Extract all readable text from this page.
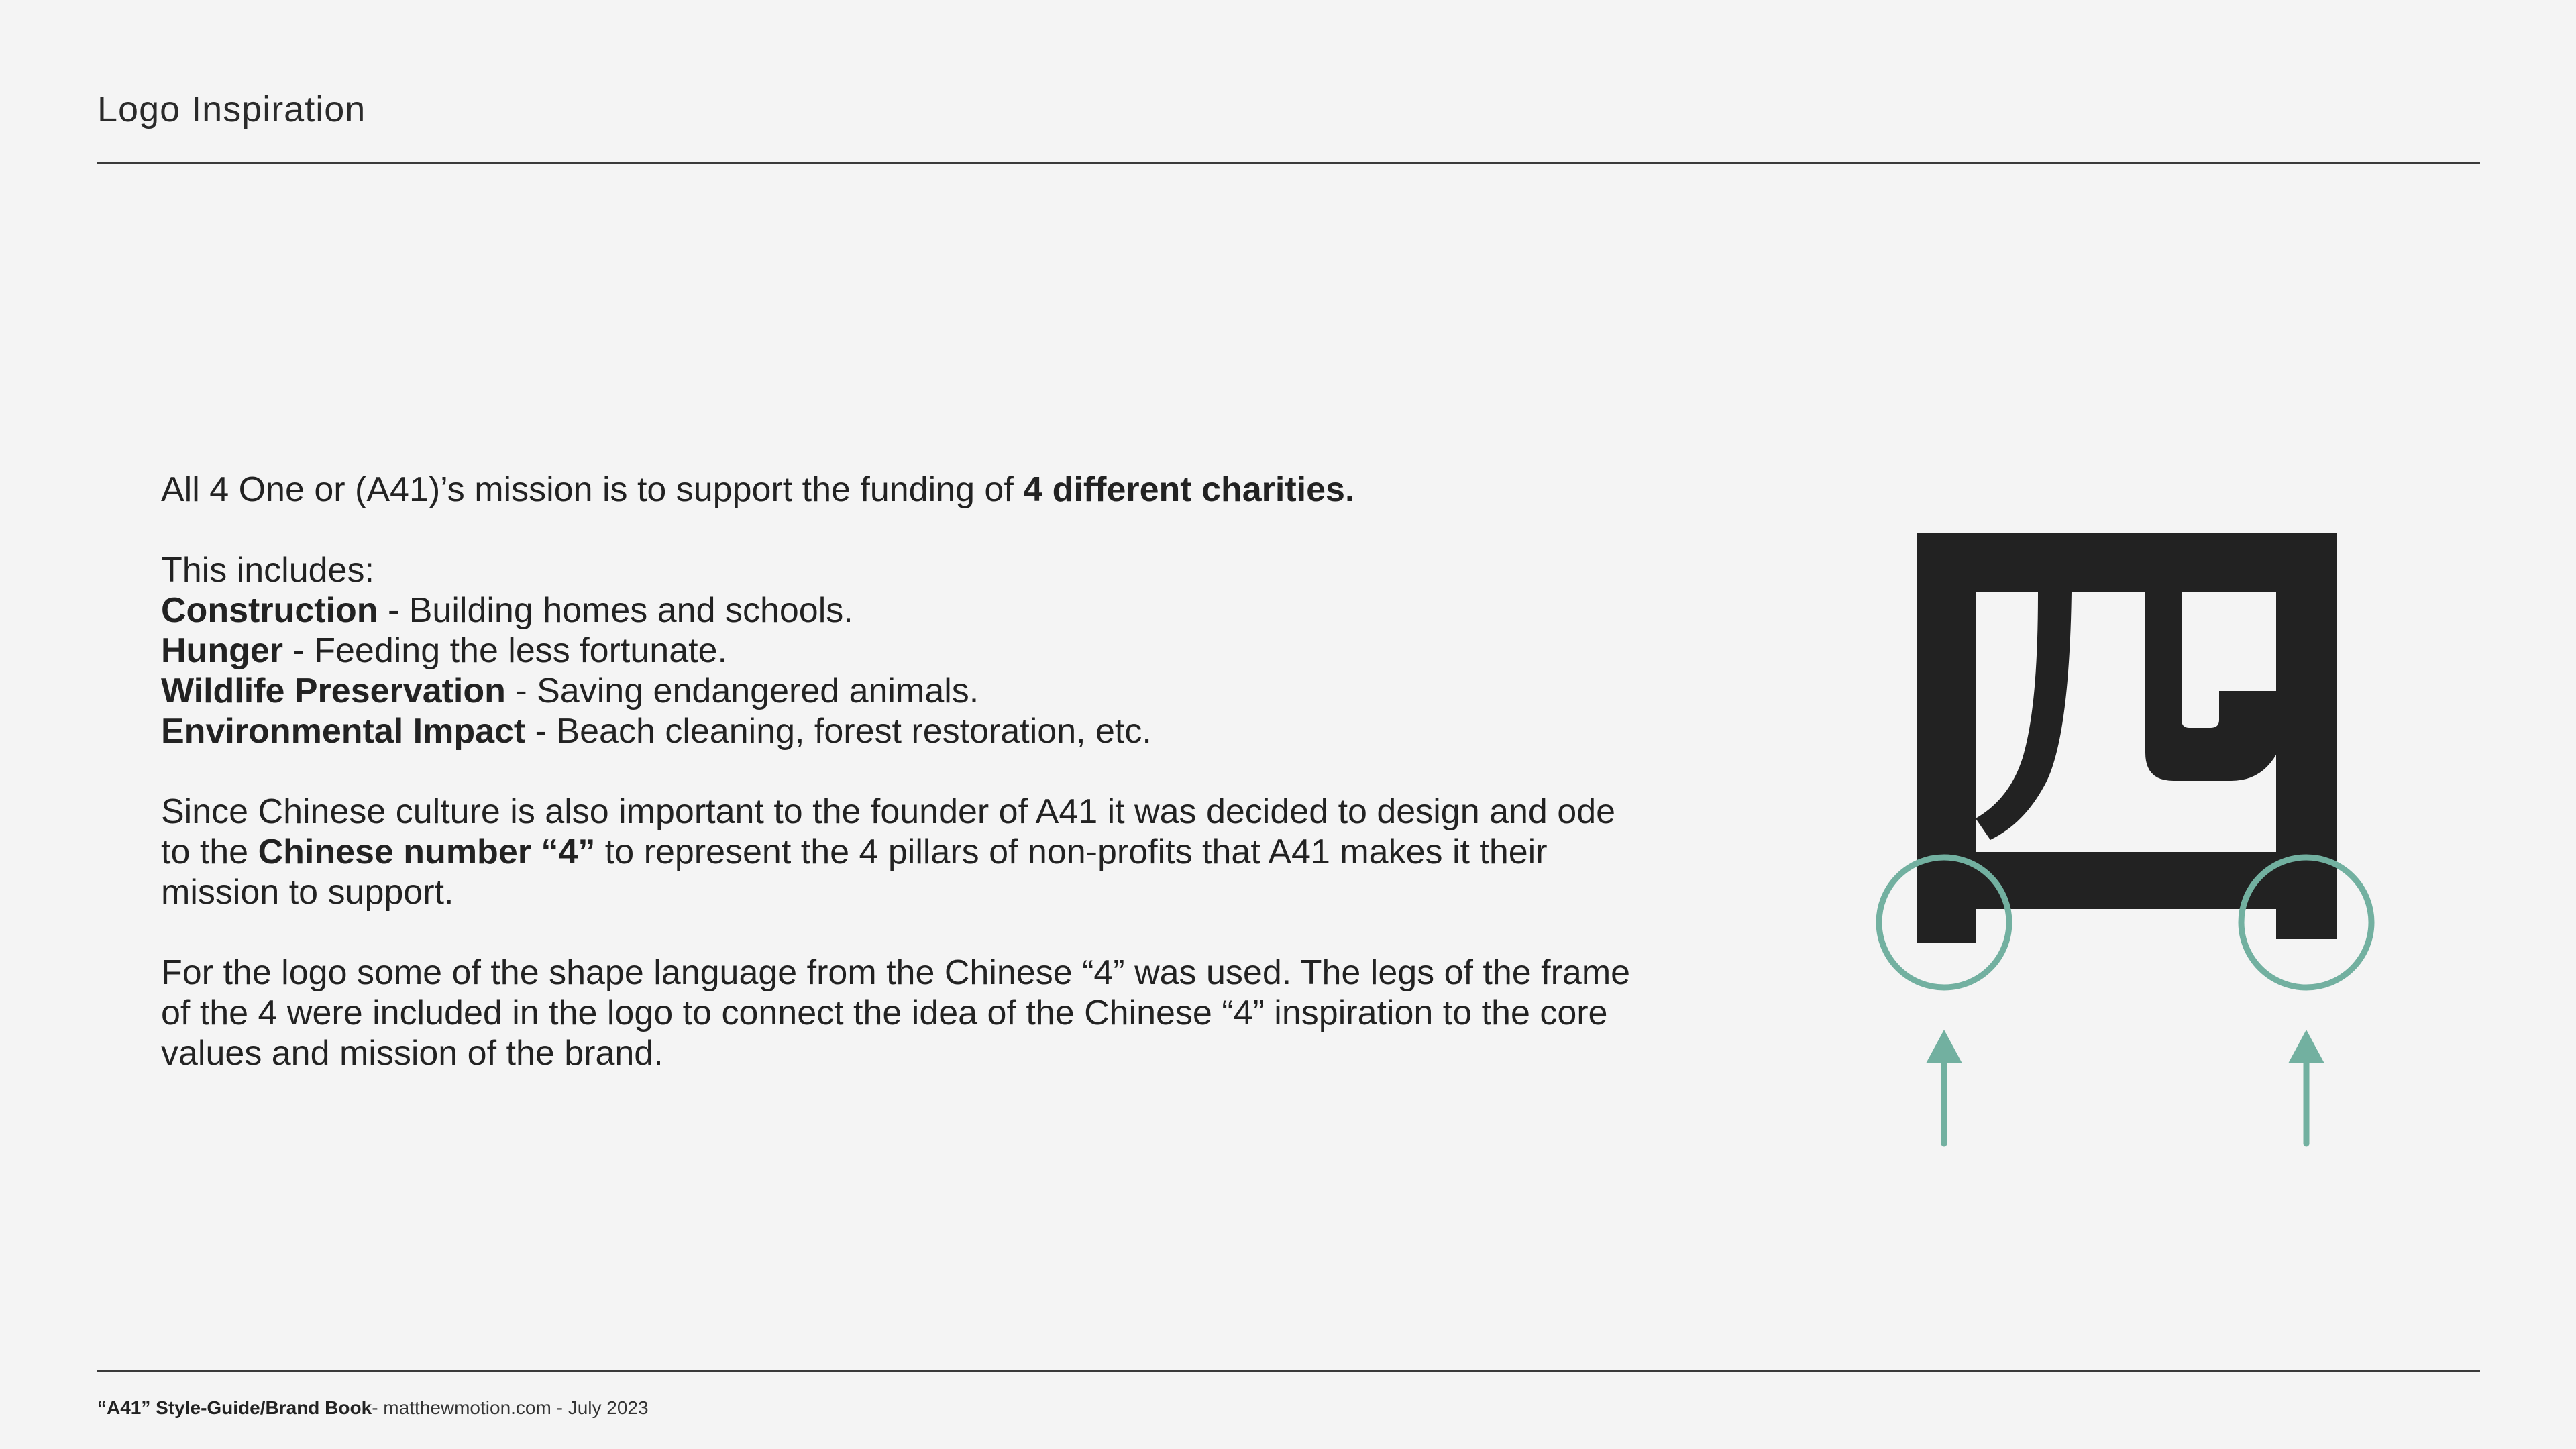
Logo Inspiration

All 4 One or (A41)’s mission is to support the funding of 4 different charities.

This includes:

Construction - Building homes and schools.

Hunger - Feeding the less fortunate.

Wildlife Preservation - Saving endangered animals.

Environmental Impact - Beach cleaning, forest restoration, etc.

Since Chinese culture is also important to the founder of A41 it was decided to design and ode to the Chinese number “4” to represent the 4 pillars of non-profits that A41 makes it their mission to support.

For the logo some of the shape language from the Chinese “4” was used. The legs of the frame of the 4 were included in the logo to connect the idea of the Chinese “4” inspiration to the core values and mission of the brand.

“A41” Style-Guide/Brand Book- matthewmotion.com - July 2023
